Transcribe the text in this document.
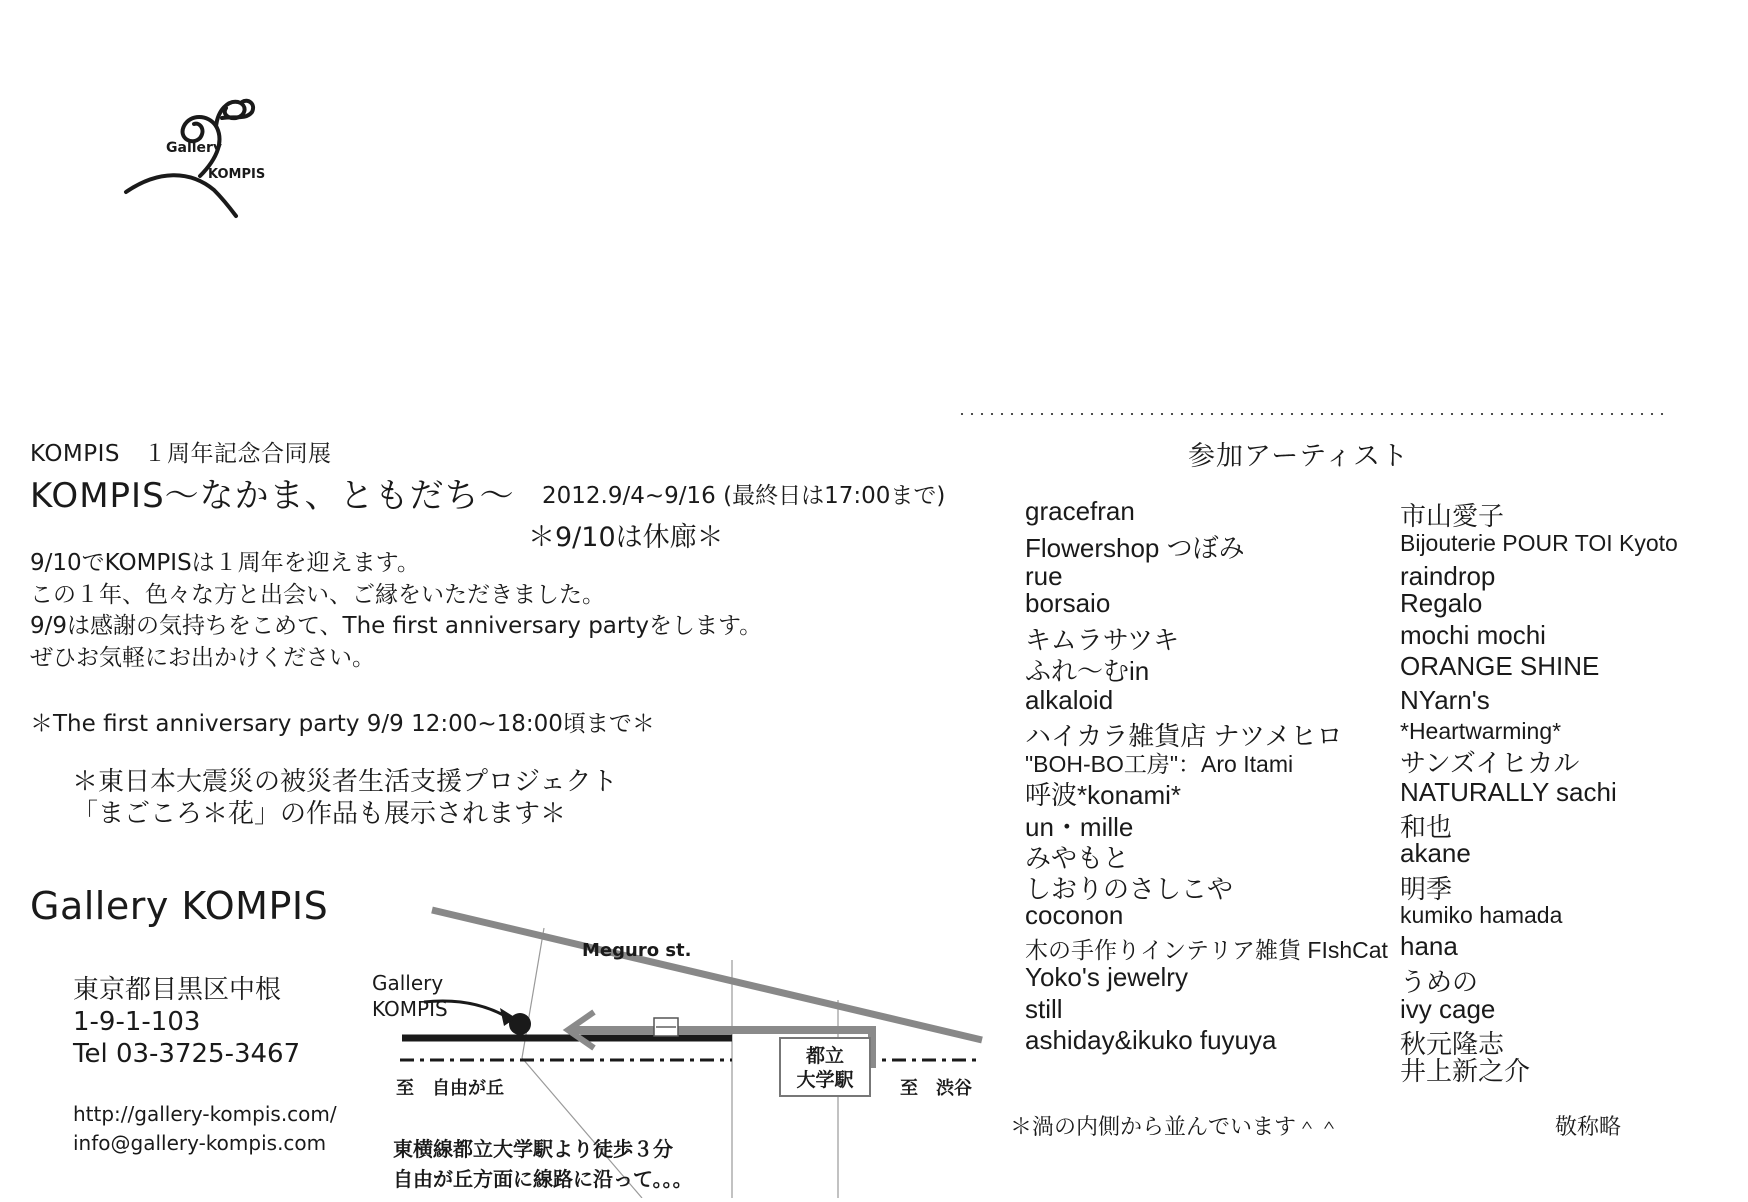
Gallery
KOMPIS
KOMPIS　１周年記念合同展
KOMPIS〜なかま、ともだち〜 2012.9/4~9/16 (最終日は17:00まで)
＊9/10は休廊＊
9/10でKOMPISは１周年を迎えます。
この１年、色々な方と出会い、ご縁をいただきました。
9/9は感謝の気持ちをこめて、The first anniversary partyをします。
ぜひお気軽にお出かけください。
＊The first anniversary party 9/9 12:00~18:00頃まで＊
＊東日本大震災の被災者生活支援プロジェクト
「まごころ＊花」の作品も展示されます＊
Gallery KOMPIS
東京都目黒区中根
1-9-1-103
Tel 03-3725-3467
http://gallery-kompis.com/
info@gallery-kompis.com
Meguro st.
Gallery
KOMPIS
都立
大学駅
至　自由が丘	至　渋谷
東横線都立大学駅より徒歩３分
自由が丘方面に線路に沿って。。。
参加アーティスト
gracefran
Flowershop つぼみ
rue
borsaio
キムラサツキ
ふれ〜むin
alkaloid
ハイカラ雑貨店 ナツメヒロ
"BOH-BO工房"：Aro Itami
呼波*konami*
un・mille
みやもと
しおりのさしこや
coconon
木の手作りインテリア雑貨 FIshCat
Yoko's jewelry
still
ashiday&ikuko fuyuya
市山愛子
Bijouterie POUR TOI Kyoto
raindrop
Regalo
mochi mochi
ORANGE SHINE
NYarn's
*Heartwarming*
サンズイヒカル
NATURALLY sachi
和也
akane
明季
kumiko hamada
hana
うめの
ivy cage
秋元隆志
井上新之介
＊渦の内側から並んでいます＾＾	敬称略
